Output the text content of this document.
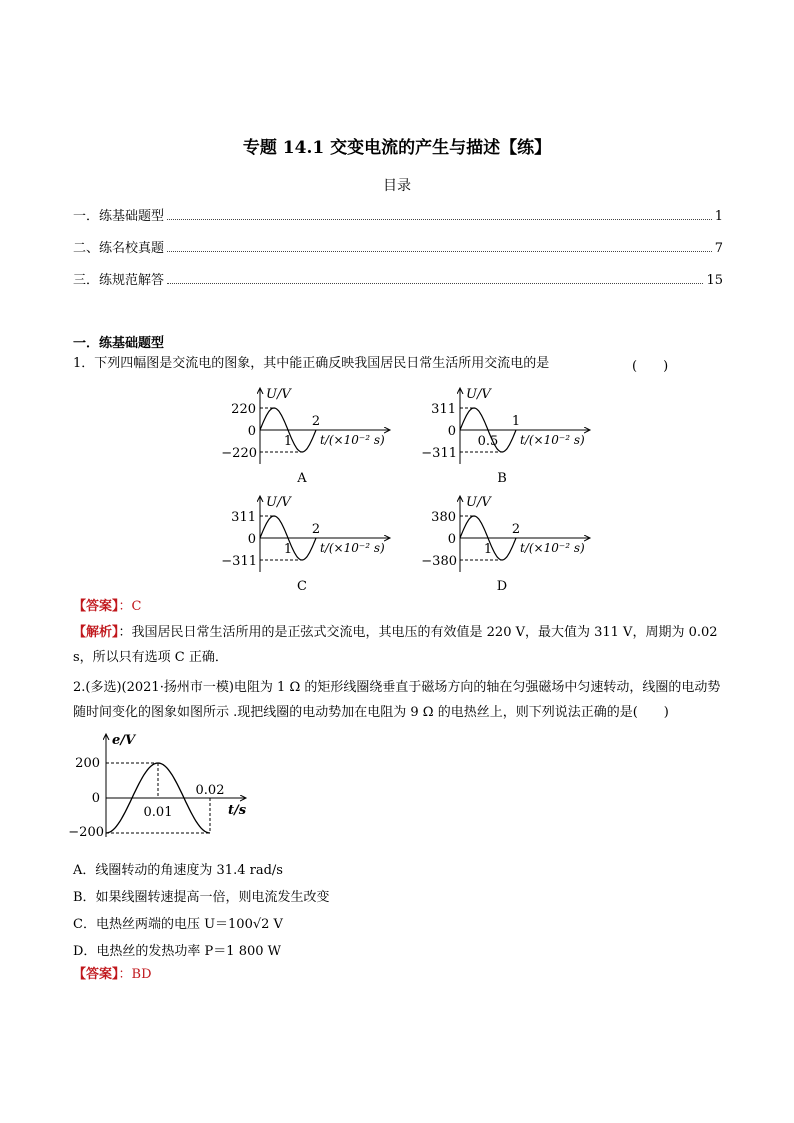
专题 14.1 交变电流的产生与描述【练】
目录
一．练基础题型	1
二、练名校真题	7
三．练规范解答	15
一．练基础题型
1．下列四幅图是交流电的图象，其中能正确反映我国居民日常生活所用交流电的是	(　　)
U/V
220
0
−220
1
2
t/(×10⁻² s)
A
U/V
311
0
−311
0.5
1
t/(×10⁻² s)
B
U/V
311
0
−311
1
2
t/(×10⁻² s)
C
U/V
380
0
−380
1
2
t/(×10⁻² s)
D
【答案】：C
【解析】：我国居民日常生活所用的是正弦式交流电，其电压的有效值是 220 V，最大值为 311 V，周期为 0.02 s，所以只有选项 C 正确．
2.(多选)(2021·扬州市一模)电阻为 1 Ω 的矩形线圈绕垂直于磁场方向的轴在匀强磁场中匀速转动，线圈的电动势随时间变化的图象如图所示 .现把线圈的电动势加在电阻为 9 Ω 的电热丝上，则下列说法正确的是(　　)
e/V
200
0
−200
0.01
0.02
t/s
A．线圈转动的角速度为 31.4 rad/s
B．如果线圈转速提高一倍，则电流发生改变
C．电热丝两端的电压 U＝100√2 V
D．电热丝的发热功率 P＝1 800 W
【答案】：BD
